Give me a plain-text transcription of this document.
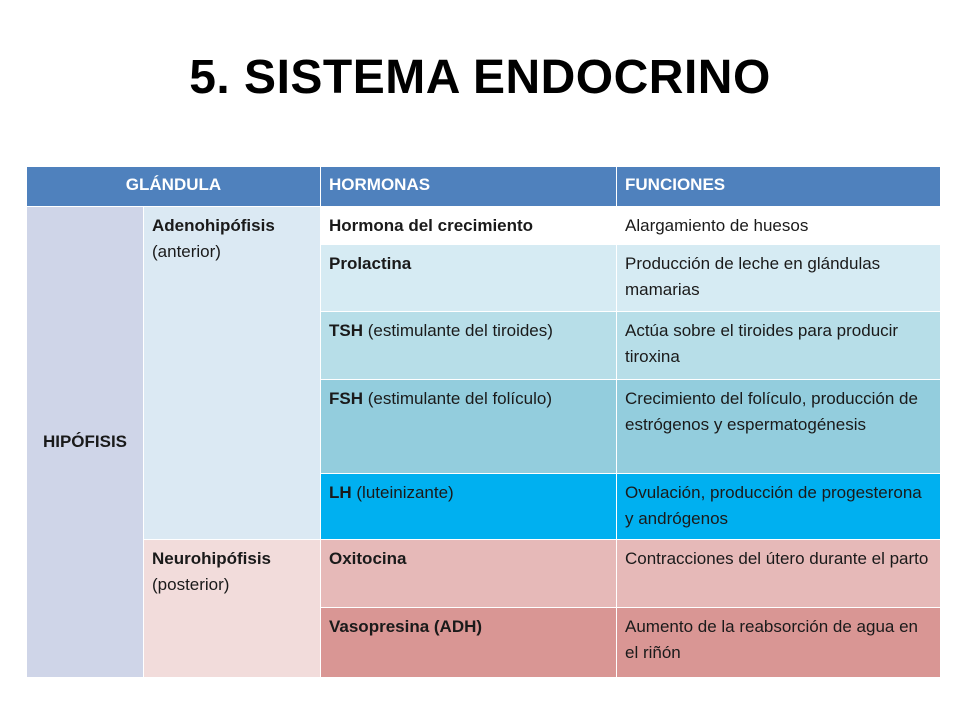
5. SISTEMA ENDOCRINO
GLÁNDULA	HORMONAS	FUNCIONES
HIPÓFISIS
Adenohipófisis (anterior)
Neurohipófisis (posterior)
Hormona del crecimiento	Alargamiento de huesos
Prolactina	Producción de leche en glándulas mamarias
TSH (estimulante del tiroides)	Actúa sobre el tiroides para producir tiroxina
FSH (estimulante del folículo)	Crecimiento del folículo, producción de estrógenos y espermatogénesis
LH (luteinizante)	Ovulación, producción de progesterona y andrógenos
Oxitocina	Contracciones del útero durante el parto
Vasopresina (ADH)	Aumento de la reabsorción de agua en el riñón
